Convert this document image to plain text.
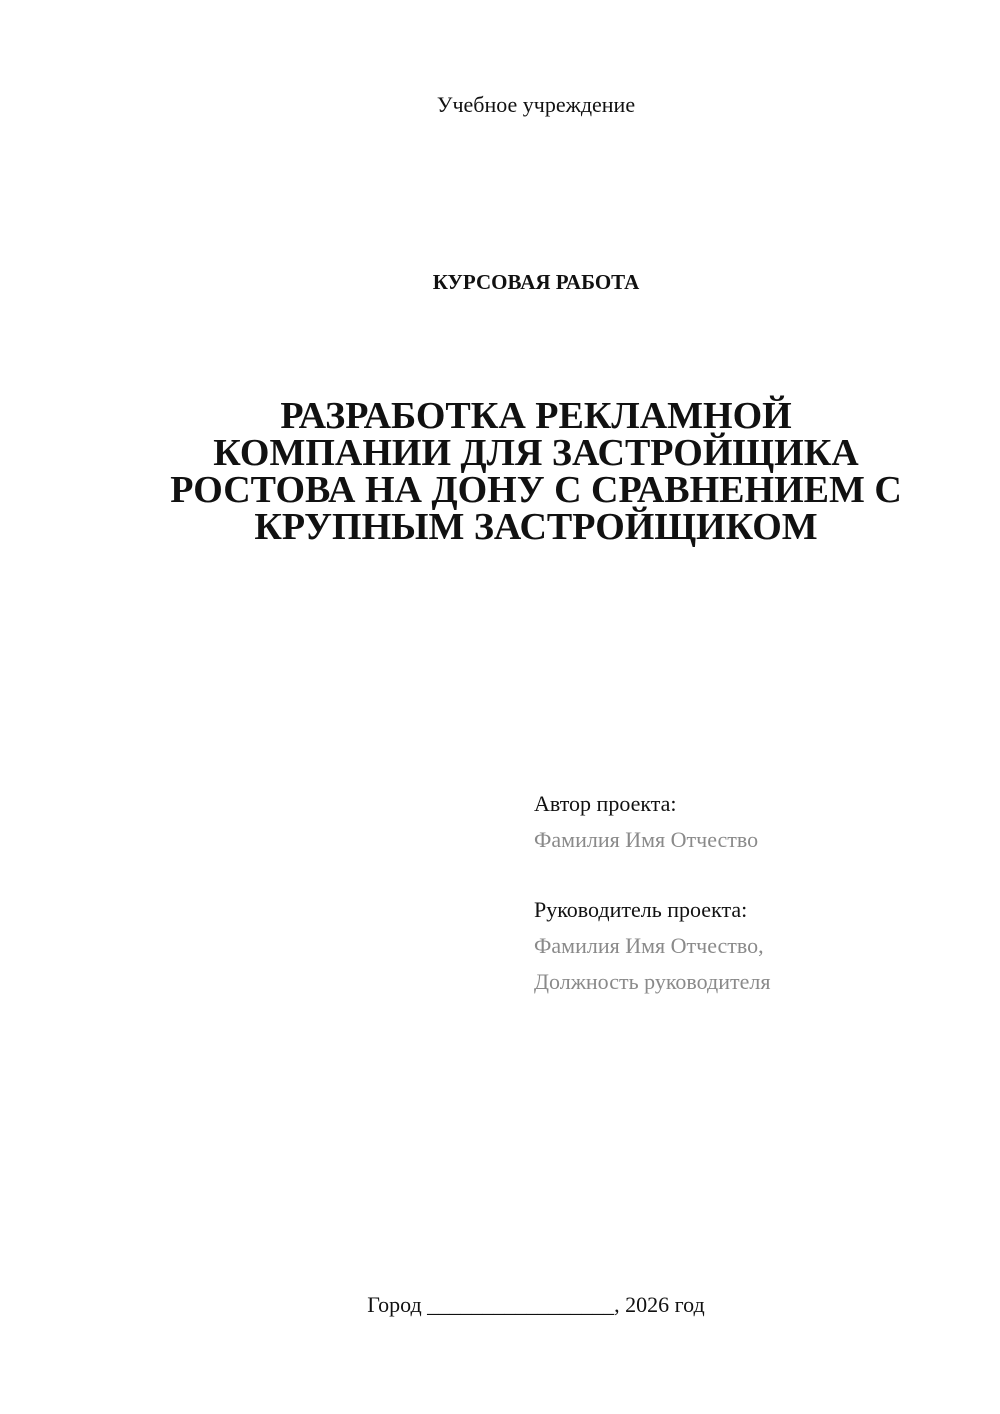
Учебное учреждение
КУРСОВАЯ РАБОТА
РАЗРАБОТКА РЕКЛАМНОЙ
КОМПАНИИ ДЛЯ ЗАСТРОЙЩИКА
РОСТОВА НА ДОНУ С СРАВНЕНИЕМ С
КРУПНЫМ ЗАСТРОЙЩИКОМ
Автор проекта:
Фамилия Имя Отчество
Руководитель проекта:
Фамилия Имя Отчество,
Должность руководителя
Город _________________, 2026 год
